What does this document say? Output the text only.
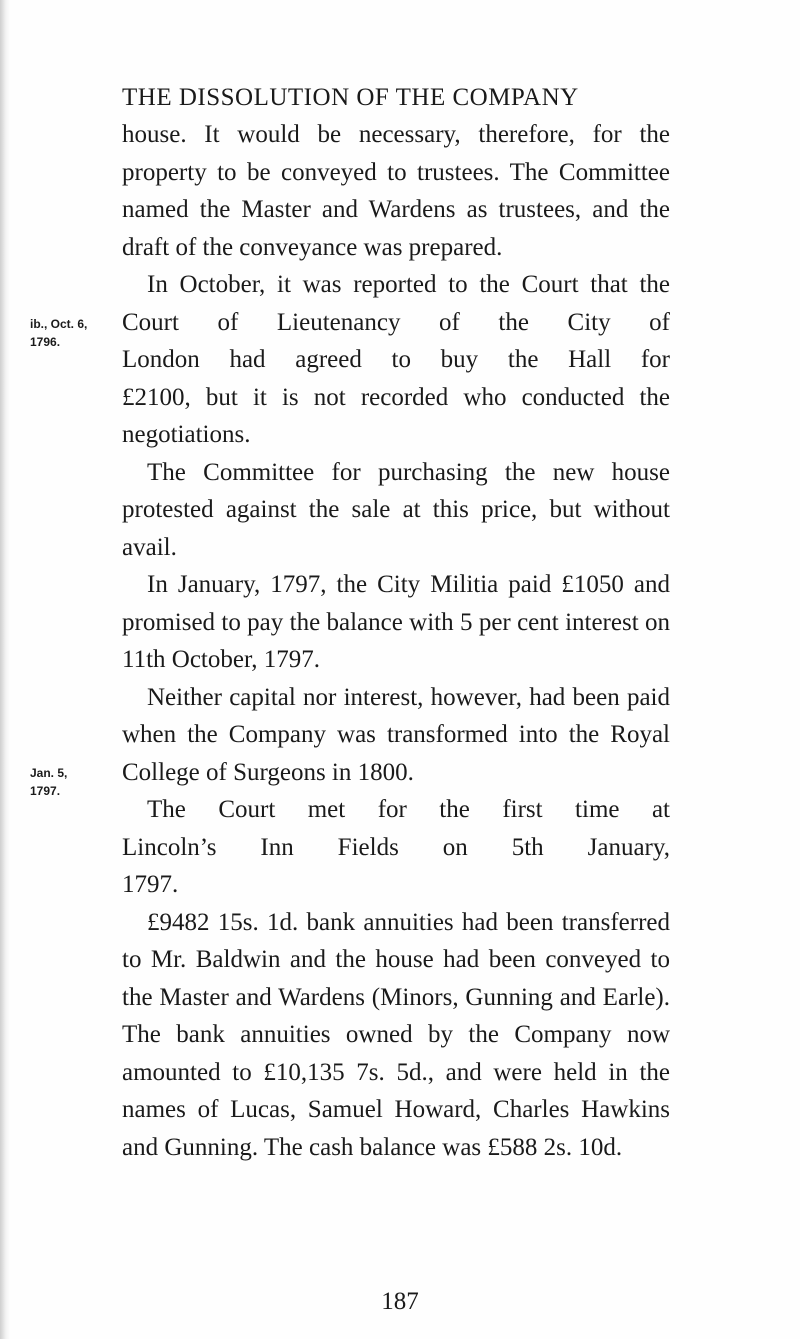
THE DISSOLUTION OF THE COMPANY
ib., Oct. 6,
1796.
Jan. 5,
1797.

house. It would be necessary, therefore, for the property to be conveyed to trustees. The Committee named the Master and Wardens as trustees, and the draft of the conveyance was prepared.

In October, it was reported to the Court that the
Court of Lieutenancy of the City of
London had agreed to buy the Hall for
£2100, but it is not recorded who conducted the negotiations.

The Committee for purchasing the new house protested against the sale at this price, but without avail.

In January, 1797, the City Militia paid £1050 and promised to pay the balance with 5 per cent interest on 11th October, 1797.

Neither capital nor interest, however, had been paid when the Company was transformed into the Royal College of Surgeons in 1800.

The Court met for the first time at
Lincoln’s Inn Fields on 5th January,
1797.

£9482 15s. 1d. bank annuities had been transferred to Mr. Baldwin and the house had been conveyed to the Master and Wardens (Minors, Gunning and Earle). The bank annuities owned by the Company now amounted to £10,135 7s. 5d., and were held in the names of Lucas, Samuel Howard, Charles Hawkins and Gunning. The cash balance was £588 2s. 10d.

187
